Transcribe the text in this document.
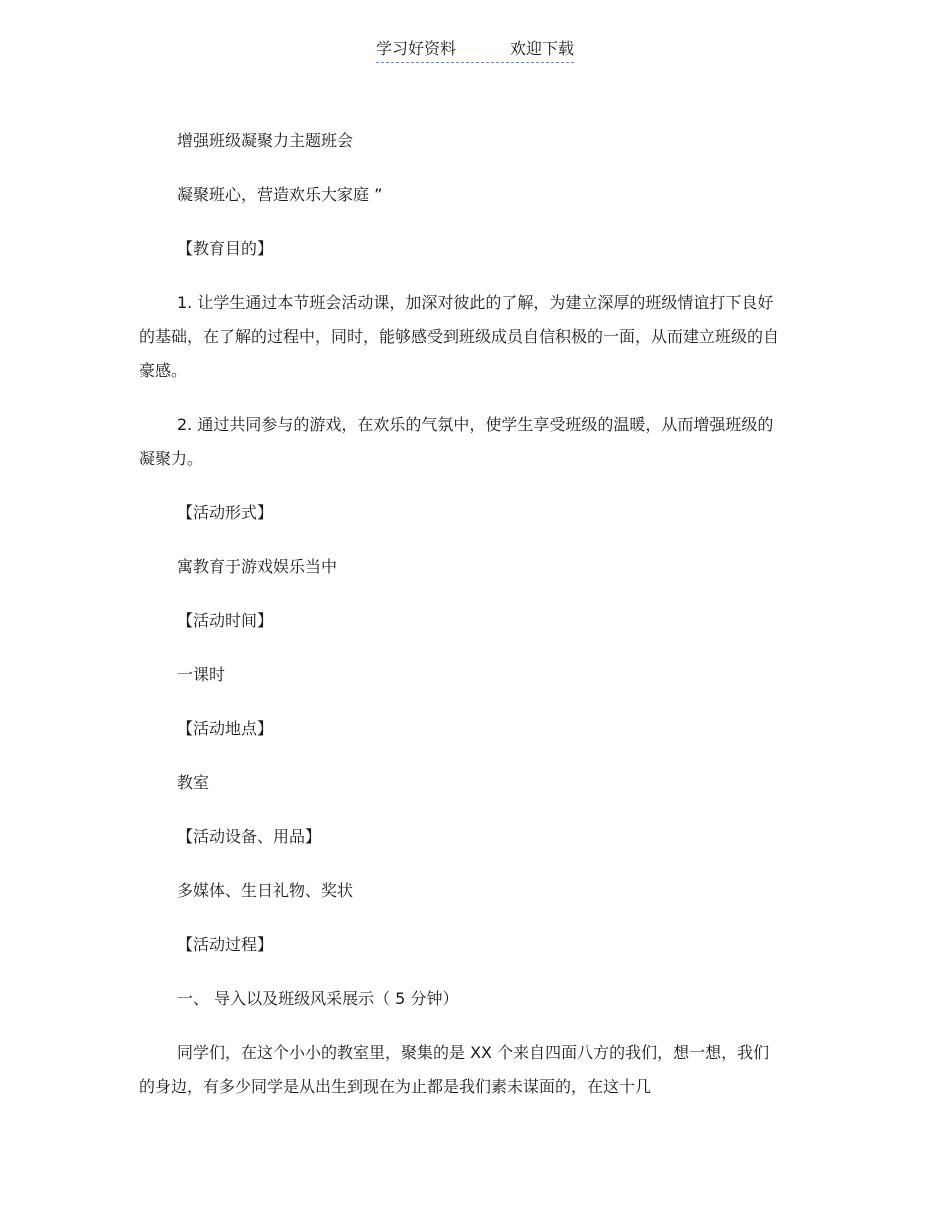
学习好资料	欢迎下载

增强班级凝聚力主题班会

凝聚班心，营造欢乐大家庭 ”

【教育目的】

1. 让学生通过本节班会活动课，加深对彼此的了解，为建立深厚的班级情谊打下良好的基础，在了解的过程中，同时，能够感受到班级成员自信积极的一面，从而建立班级的自豪感。

2. 通过共同参与的游戏，在欢乐的气氛中，使学生享受班级的温暖，从而增强班级的凝聚力。

【活动形式】

寓教育于游戏娱乐当中

【活动时间】

一课时

【活动地点】

教室

【活动设备、用品】

多媒体、生日礼物、奖状

【活动过程】

一、 导入以及班级风采展示（ 5 分钟）

同学们，在这个小小的教室里，聚集的是 XX 个来自四面八方的我们，想一想，我们的身边，有多少同学是从出生到现在为止都是我们素未谋面的，在这十几
